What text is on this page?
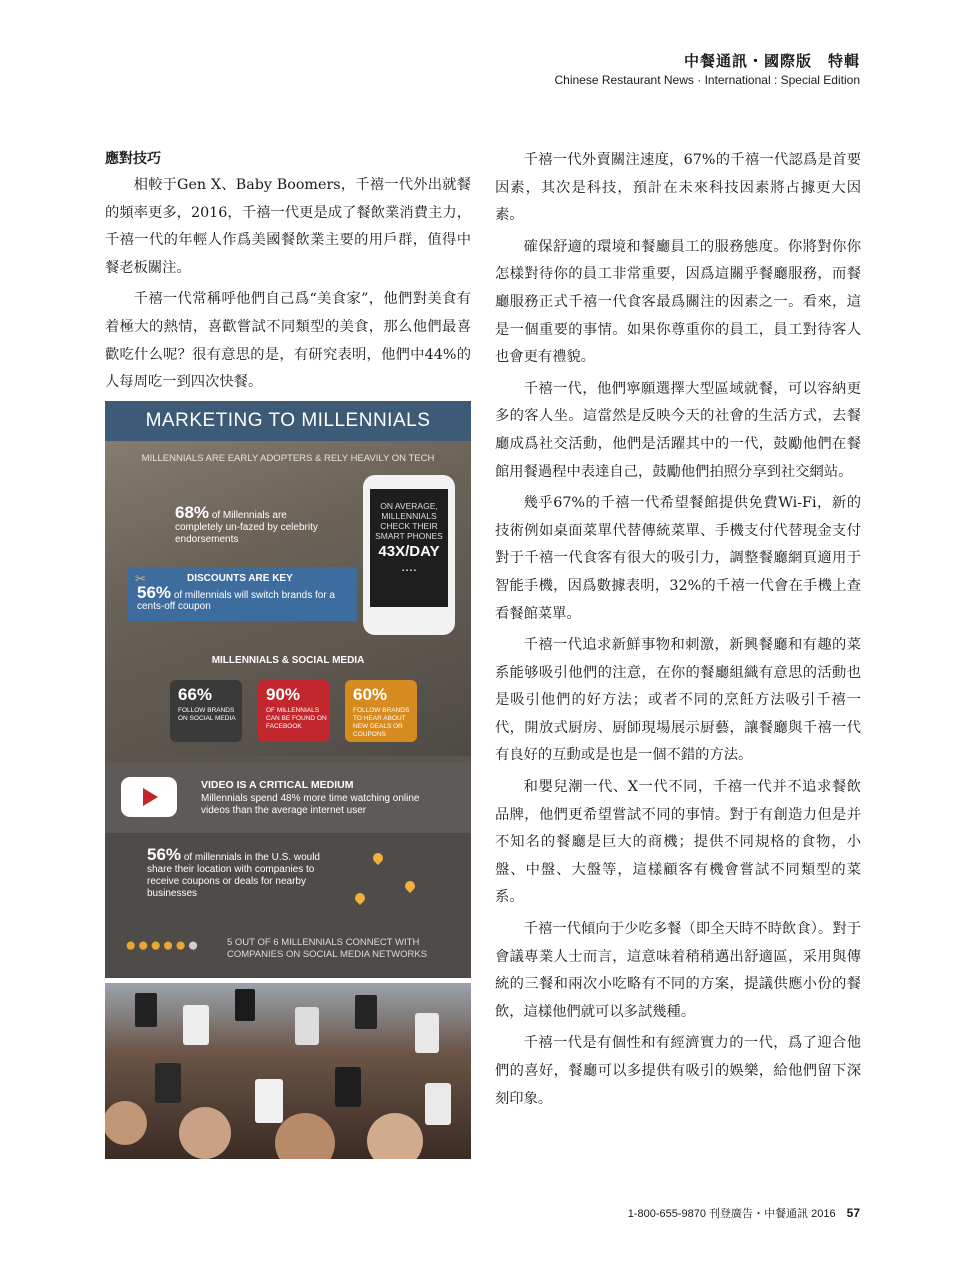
中餐通訊・國際版　特輯
Chinese Restaurant News · International : Special Edition
應對技巧

相較于Gen X、Baby Boomers，千禧一代外出就餐的頻率更多，2016，千禧一代更是成了餐飲業消費主力，千禧一代的年輕人作爲美國餐飲業主要的用戶群，值得中餐老板關注。

千禧一代常稱呼他們自己爲“美食家”，他們對美食有着極大的熱情，喜歡嘗試不同類型的美食，那么他們最喜歡吃什么呢？很有意思的是，有研究表明，他們中44%的人每周吃一到四次快餐。

MARKETING TO MILLENNIALS
MILLENNIALS ARE EARLY ADOPTERS & RELY HEAVILY ON TECH
68% of Millennials are completely un-fazed by celebrity endorsements
ON AVERAGE, MILLENNIALS CHECK THEIR SMART PHONES
43X/DAY
....
✂	DISCOUNTS ARE KEY
56% of millennials will switch brands for a cents-off coupon
MILLENNIALS & SOCIAL MEDIA
66%
FOLLOW BRANDS ON SOCIAL MEDIA
90%
OF MILLENNIALS CAN BE FOUND ON FACEBOOK
60%
FOLLOW BRANDS TO HEAR ABOUT NEW DEALS OR COUPONS
VIDEO IS A CRITICAL MEDIUM
Millennials spend 48% more time watching online videos than the average internet user
56% of millennials in the U.S. would share their location with companies to receive coupons or deals for nearby businesses
●●●●●●	5 OUT OF 6 MILLENNIALS CONNECT WITH COMPANIES ON SOCIAL MEDIA NETWORKS

千禧一代外賣關注速度，67%的千禧一代認爲是首要因素，其次是科技，預計在未來科技因素將占據更大因素。

確保舒適的環境和餐廳員工的服務態度。你將對你你怎樣對待你的員工非常重要，因爲這關乎餐廳服務，而餐廳服務正式千禧一代食客最爲關注的因素之一。看來，這是一個重要的事情。如果你尊重你的員工，員工對待客人也會更有禮貌。

千禧一代，他們寧願選擇大型區域就餐，可以容納更多的客人坐。這當然是反映今天的社會的生活方式，去餐廳成爲社交活動，他們是活躍其中的一代，鼓勵他們在餐館用餐過程中表達自己，鼓勵他們拍照分享到社交網站。

幾乎67%的千禧一代希望餐館提供免費Wi-Fi，新的技術例如桌面菜單代替傳統菜單、手機支付代替現金支付對于千禧一代食客有很大的吸引力，調整餐廳網頁適用于智能手機，因爲數據表明，32%的千禧一代會在手機上查看餐館菜單。

千禧一代追求新鮮事物和刺激，新興餐廳和有趣的菜系能够吸引他們的注意，在你的餐廳組織有意思的活動也是吸引他們的好方法；或者不同的烹飪方法吸引千禧一代，開放式厨房、厨師現場展示厨藝，讓餐廳與千禧一代有良好的互動或是也是一個不錯的方法。

和嬰兒潮一代、X一代不同，千禧一代并不追求餐飲品牌，他們更希望嘗試不同的事情。對于有創造力但是并不知名的餐廳是巨大的商機；提供不同規格的食物，小盤、中盤、大盤等，這樣顧客有機會嘗試不同類型的菜系。

千禧一代傾向于少吃多餐（即全天時不時飲食）。對于會議專業人士而言，這意味着稍稍邁出舒適區，采用與傳統的三餐和兩次小吃略有不同的方案，提議供應小份的餐飲，這樣他們就可以多試幾種。

千禧一代是有個性和有經濟實力的一代，爲了迎合他們的喜好，餐廳可以多提供有吸引的娛樂，給他們留下深刻印象。

1-800-655-9870 刊登廣告・中餐通訊 2016 57
